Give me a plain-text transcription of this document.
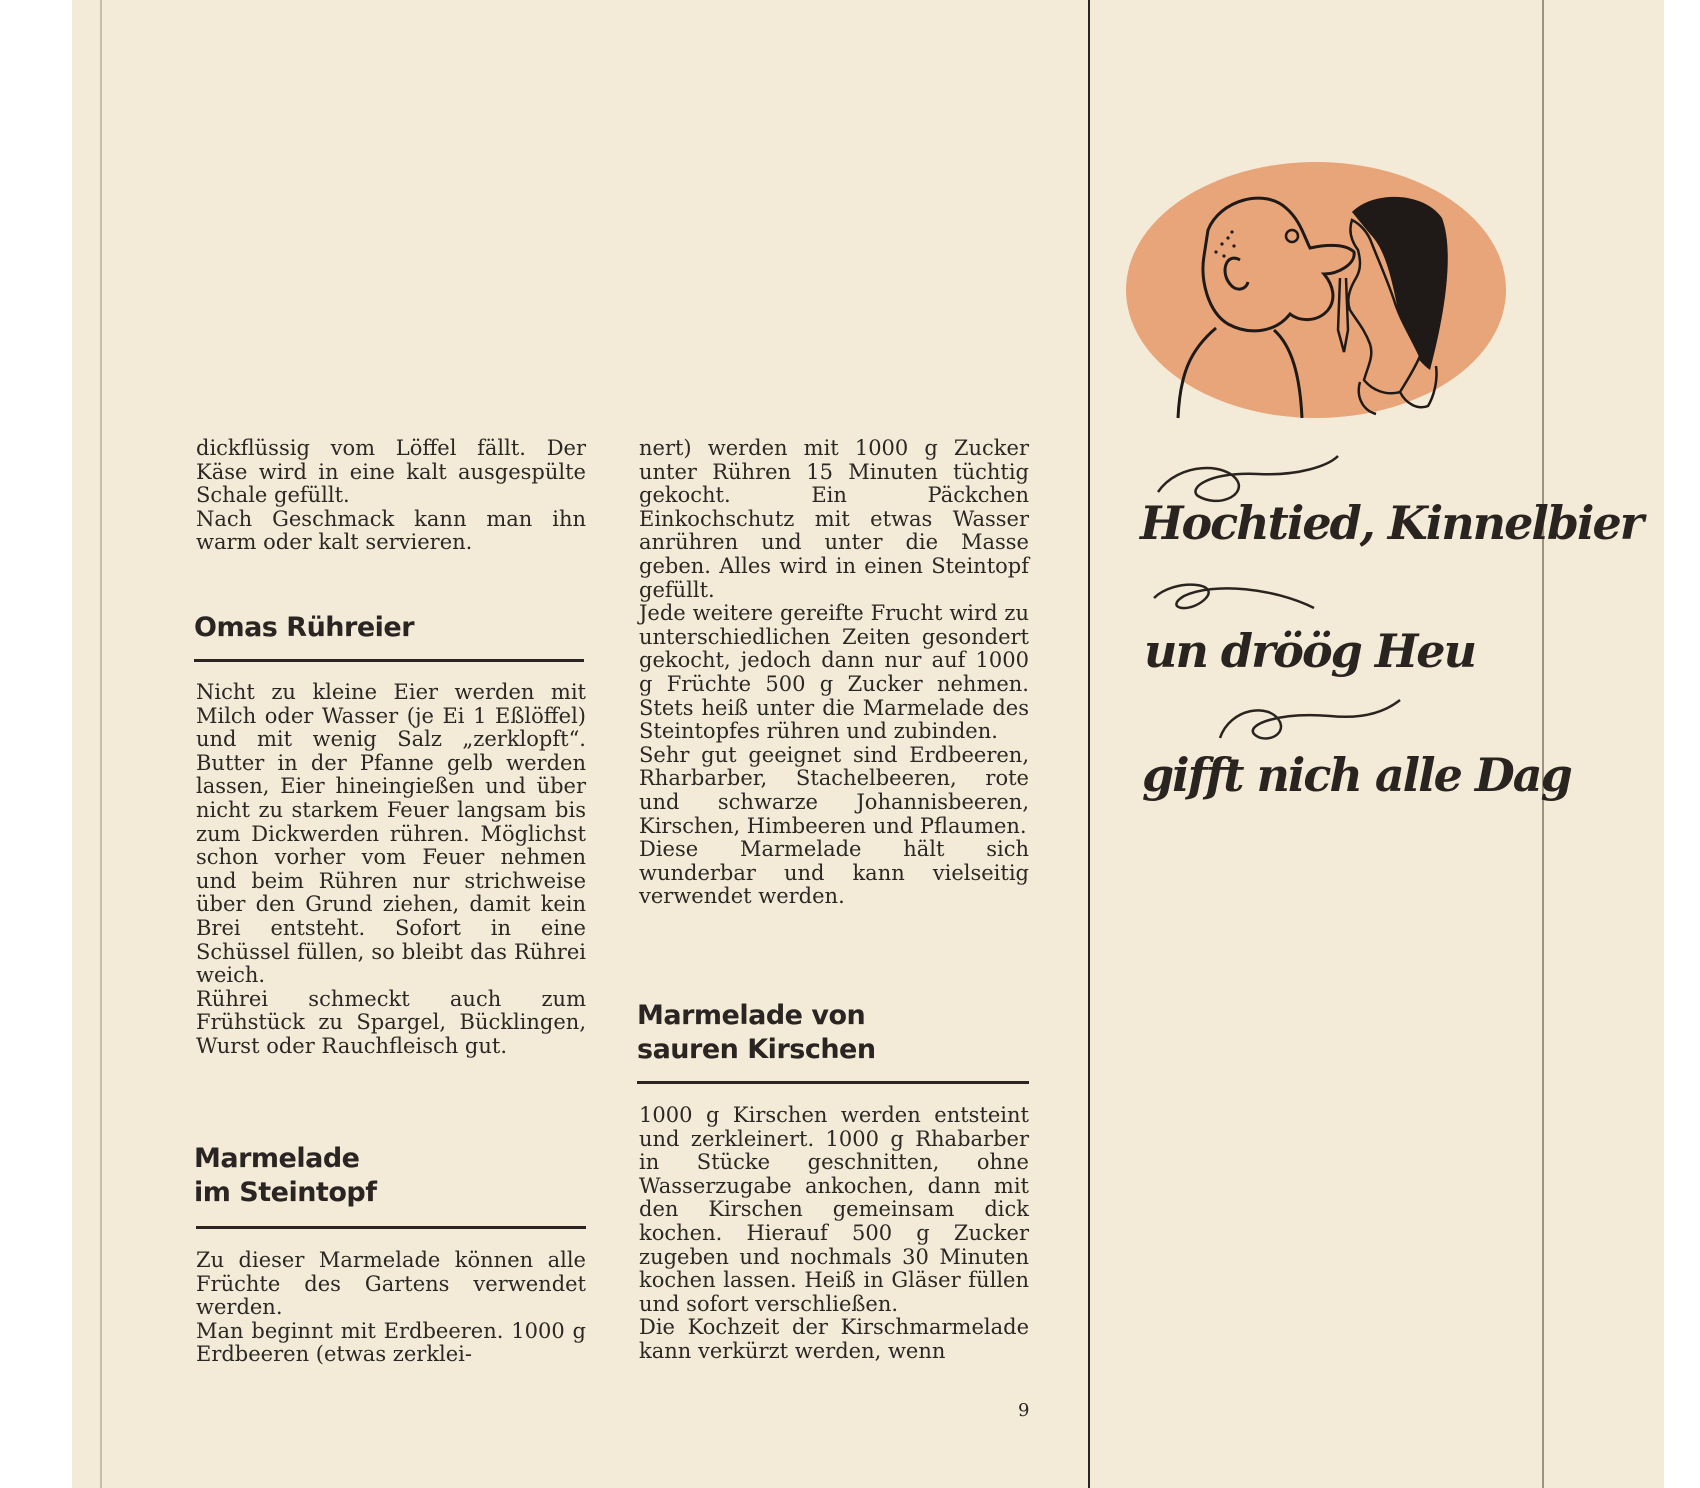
dickflüssig vom Löffel fällt. Der Käse wird in eine kalt ausgespülte Schale gefüllt.

Nach Geschmack kann man ihn warm oder kalt servieren.

Omas Rühreier

Nicht zu kleine Eier werden mit Milch oder Wasser (je Ei 1 Eßlöffel) und mit wenig Salz „zerklopft“. Butter in der Pfanne gelb werden lassen, Eier hineingießen und über nicht zu starkem Feuer langsam bis zum Dickwerden rühren. Möglichst schon vorher vom Feuer nehmen und beim Rühren nur strichweise über den Grund ziehen, damit kein Brei entsteht. Sofort in eine Schüssel füllen, so bleibt das Rührei weich.

Rührei schmeckt auch zum Frühstück zu Spargel, Bücklingen, Wurst oder Rauchfleisch gut.

Marmelade
im Steintopf

Zu dieser Marmelade können alle Früchte des Gartens verwendet werden.

Man beginnt mit Erdbeeren. 1000 g Erdbeeren (etwas zerklei-

nert) werden mit 1000 g Zucker unter Rühren 15 Minuten tüchtig gekocht. Ein Päckchen Einkochschutz mit etwas Wasser anrühren und unter die Masse geben. Alles wird in einen Steintopf gefüllt.

Jede weitere gereifte Frucht wird zu unterschiedlichen Zeiten gesondert gekocht, jedoch dann nur auf 1000 g Früchte 500 g Zucker nehmen. Stets heiß unter die Marmelade des Steintopfes rühren und zubinden.

Sehr gut geeignet sind Erdbeeren, Rharbarber, Stachelbeeren, rote und schwarze Johannisbeeren, Kirschen, Himbeeren und Pflaumen.

Diese Marmelade hält sich wunderbar und kann vielseitig verwendet werden.

Marmelade von
sauren Kirschen

1000 g Kirschen werden entsteint und zerkleinert. 1000 g Rhabarber in Stücke geschnitten, ohne Wasserzugabe ankochen, dann mit den Kirschen gemeinsam dick kochen. Hierauf 500 g Zucker zugeben und nochmals 30 Minuten kochen lassen. Heiß in Gläser füllen und sofort verschließen.

Die Kochzeit der Kirschmarmelade kann verkürzt werden, wenn

9
Hochtied, Kinnelbier
un dröög Heu
gifft nich alle Dag
